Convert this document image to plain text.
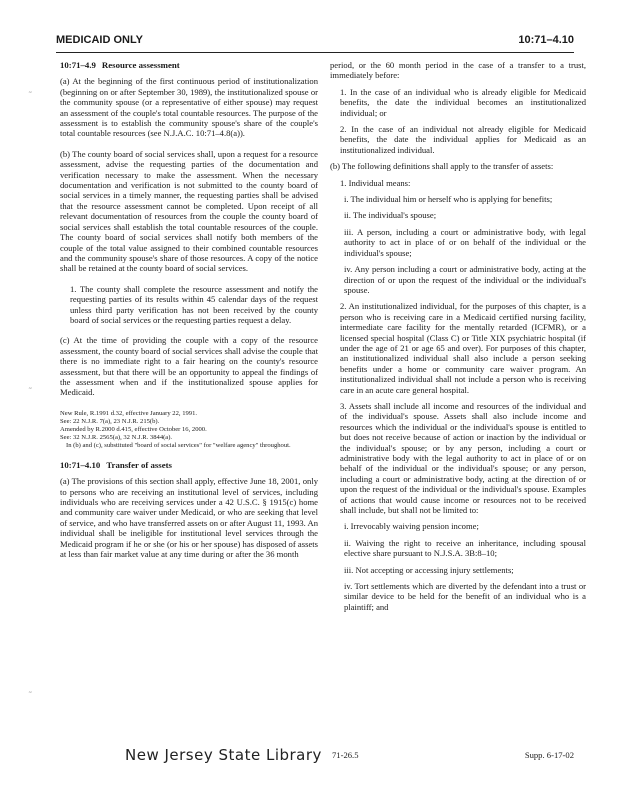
MEDICAID ONLY	10:71–4.10
˷
˷
˷
10:71–4.9 Resource assessment

(a) At the beginning of the first continuous period of institutionalization (beginning on or after September 30, 1989), the institutionalized spouse or the community spouse (or a representative of either spouse) may request an assessment of the couple's total countable resources. The purpose of the assessment is to establish the community spouse's share of the couple's total countable resources (see N.J.A.C. 10:71–4.8(a)).

(b) The county board of social services shall, upon a request for a resource assessment, advise the requesting parties of the documentation and verification necessary to make the assessment. When the necessary documentation and verification is not submitted to the county board of social services in a timely manner, the requesting parties shall be advised that the resource assessment cannot be completed. Upon receipt of all relevant documentation of resources from the couple the county board of social services shall establish the total countable resources of the couple. The county board of social services shall notify both members of the couple of the total value assigned to their combined countable resources and the community spouse's share of those resources. A copy of the notice shall be retained at the county board of social services.

1. The county shall complete the resource assessment and notify the requesting parties of its results within 45 calendar days of the request unless third party verification has not been received by the county board of social services or the requesting parties request a delay.

(c) At the time of providing the couple with a copy of the resource assessment, the county board of social services shall advise the couple that there is no immediate right to a fair hearing on the county's resource assessment, but that there will be an opportunity to appeal the findings of the assessment when and if the institutionalized spouse applies for Medicaid.

New Rule, R.1991 d.32, effective January 22, 1991.
See: 22 N.J.R. 7(a), 23 N.J.R. 215(b).
Amended by R.2000 d.415, effective October 16, 2000.
See: 32 N.J.R. 2565(a), 32 N.J.R. 3844(a).
In (b) and (c), substituted "board of social services" for "welfare agency" throughout.
10:71–4.10 Transfer of assets

(a) The provisions of this section shall apply, effective June 18, 2001, only to persons who are receiving an institutional level of services, including individuals who are receiving services under a 42 U.S.C. § 1915(c) home and community care waiver under Medicaid, or who are seeking that level of service, and who have transferred assets on or after August 11, 1993. An individual shall be ineligible for institutional level services through the Medicaid program if he or she (or his or her spouse) has disposed of assets at less than fair market value at any time during or after the 36 month

period, or the 60 month period in the case of a transfer to a trust, immediately before:

1. In the case of an individual who is already eligible for Medicaid benefits, the date the individual becomes an institutionalized individual; or

2. In the case of an individual not already eligible for Medicaid benefits, the date the individual applies for Medicaid as an institutionalized individual.

(b) The following definitions shall apply to the transfer of assets:

1. Individual means:

i. The individual him or herself who is applying for benefits;

ii. The individual's spouse;

iii. A person, including a court or administrative body, with legal authority to act in place of or on behalf of the individual or the individual's spouse;

iv. Any person including a court or administrative body, acting at the direction of or upon the request of the individual or the individual's spouse.

2. An institutionalized individual, for the purposes of this chapter, is a person who is receiving care in a Medicaid certified nursing facility, intermediate care facility for the mentally retarded (ICFMR), or a licensed special hospital (Class C) or Title XIX psychiatric hospital (if under the age of 21 or age 65 and over). For purposes of this chapter, an institutionalized individual shall also include a person seeking benefits under a home or community care waiver program. An institutionalized individual shall not include a person who is receiving care in an acute care general hospital.

3. Assets shall include all income and resources of the individual and of the individual's spouse. Assets shall also include income and resources which the individual or the individual's spouse is entitled to but does not receive because of action or inaction by the individual or the individual's spouse; or by any person, including a court or administrative body with the legal authority to act in place of or on behalf of the individual or the individual's spouse; or any person, including a court or administrative body, acting at the direction of or upon the request of the individual or the individual's spouse. Examples of actions that would cause income or resources not to be received shall include, but shall not be limited to:

i. Irrevocably waiving pension income;

ii. Waiving the right to receive an inheritance, including spousal elective share pursuant to N.J.S.A. 3B:8–10;

iii. Not accepting or accessing injury settlements;

iv. Tort settlements which are diverted by the defendant into a trust or similar device to be held for the benefit of an individual who is a plaintiff; and

New Jersey State Library 71-26.5	Supp. 6-17-02
